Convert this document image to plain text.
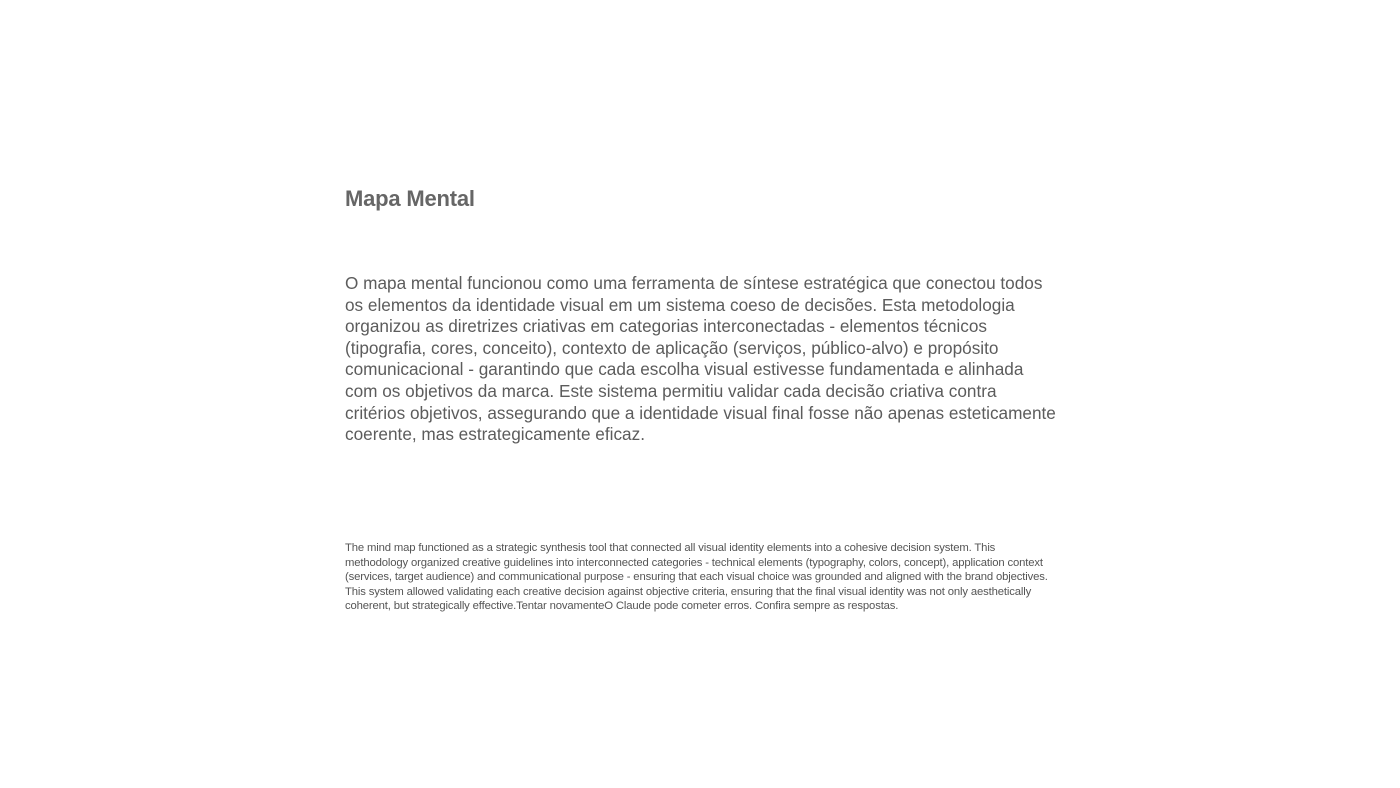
Mapa Mental

O mapa mental funcionou como uma ferramenta de síntese estratégica que conectou todos os elementos da identidade visual em um sistema coeso de decisões. Esta metodologia organizou as diretrizes criativas em categorias interconectadas - elementos técnicos (tipografia, cores, conceito), contexto de aplicação (serviços, público-alvo) e propósito comunicacional - garantindo que cada escolha visual estivesse fundamentada e alinhada com os objetivos da marca. Este sistema permitiu validar cada decisão criativa contra critérios objetivos, assegurando que a identidade visual final fosse não apenas esteticamente coerente, mas estrategicamente eficaz.

The mind map functioned as a strategic synthesis tool that connected all visual identity elements into a cohesive decision system. This methodology organized creative guidelines into interconnected categories - technical elements (typography, colors, concept), application context (services, target audience) and communicational purpose - ensuring that each visual choice was grounded and aligned with the brand objectives. This system allowed validating each creative decision against objective criteria, ensuring that the final visual identity was not only aesthetically coherent, but strategically effective.Tentar novamenteO Claude pode cometer erros. Confira sempre as respostas.
